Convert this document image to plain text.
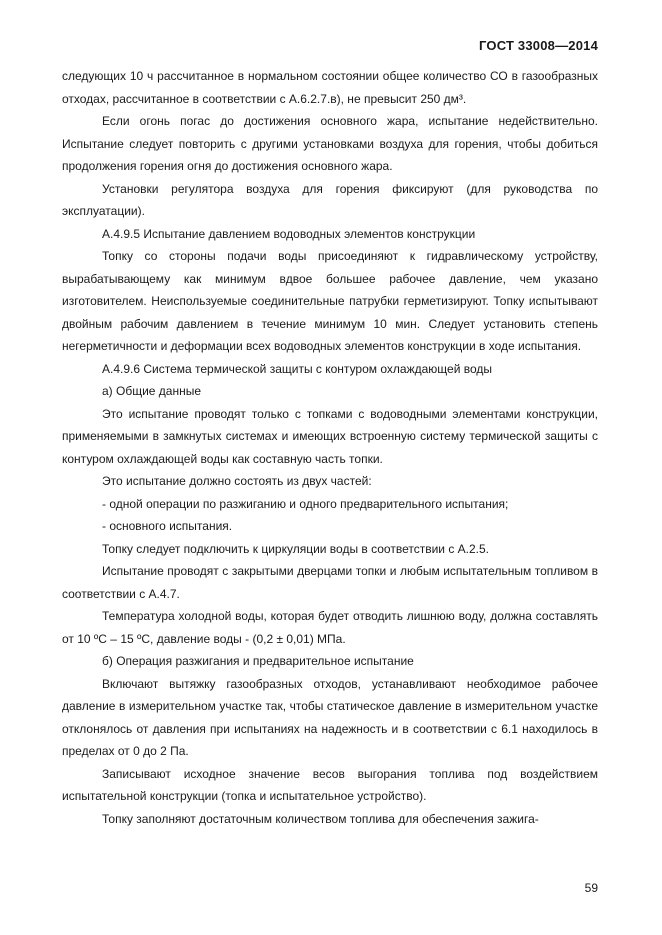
ГОСТ 33008—2014

следующих 10 ч рассчитанное в нормальном состоянии общее количество СО в газообразных отходах, рассчитанное в соответствии с А.6.2.7.в), не превысит 250 дм³.

Если огонь погас до достижения основного жара, испытание недействительно. Испытание следует повторить с другими установками воздуха для горения, чтобы добиться продолжения горения огня до достижения основного жара.

Установки регулятора воздуха для горения фиксируют (для руководства по эксплуатации).

А.4.9.5 Испытание давлением водоводных элементов конструкции

Топку со стороны подачи воды присоединяют к гидравлическому устройству, вырабатывающему как минимум вдвое большее рабочее давление, чем указано изготовителем. Неиспользуемые соединительные патрубки герметизируют. Топку испытывают двойным рабочим давлением в течение минимум 10 мин. Следует установить степень негерметичности и деформации всех водоводных элементов конструкции в ходе испытания.

А.4.9.6 Система термической защиты с контуром охлаждающей воды

а) Общие данные

Это испытание проводят только с топками с водоводными элементами конструкции, применяемыми в замкнутых системах и имеющих встроенную систему термической защиты с контуром охлаждающей воды как составную часть топки.

Это испытание должно состоять из двух частей:

- одной операции по разжиганию и одного предварительного испытания;

- основного испытания.

Топку следует подключить к циркуляции воды в соответствии с А.2.5.

Испытание проводят с закрытыми дверцами топки и любым испытательным топливом в соответствии с А.4.7.

Температура холодной воды, которая будет отводить лишнюю воду, должна составлять от 10 ºС – 15 ºС, давление воды - (0,2 ± 0,01) МПа.

б) Операция разжигания и предварительное испытание

Включают вытяжку газообразных отходов, устанавливают необходимое рабочее давление в измерительном участке так, чтобы статическое давление в измерительном участке отклонялось от давления при испытаниях на надежность и в соответствии с 6.1 находилось в пределах от 0 до 2 Па.

Записывают исходное значение весов выгорания топлива под воздействием испытательной конструкции (топка и испытательное устройство).

Топку заполняют достаточным количеством топлива для обеспечения зажига-

59
